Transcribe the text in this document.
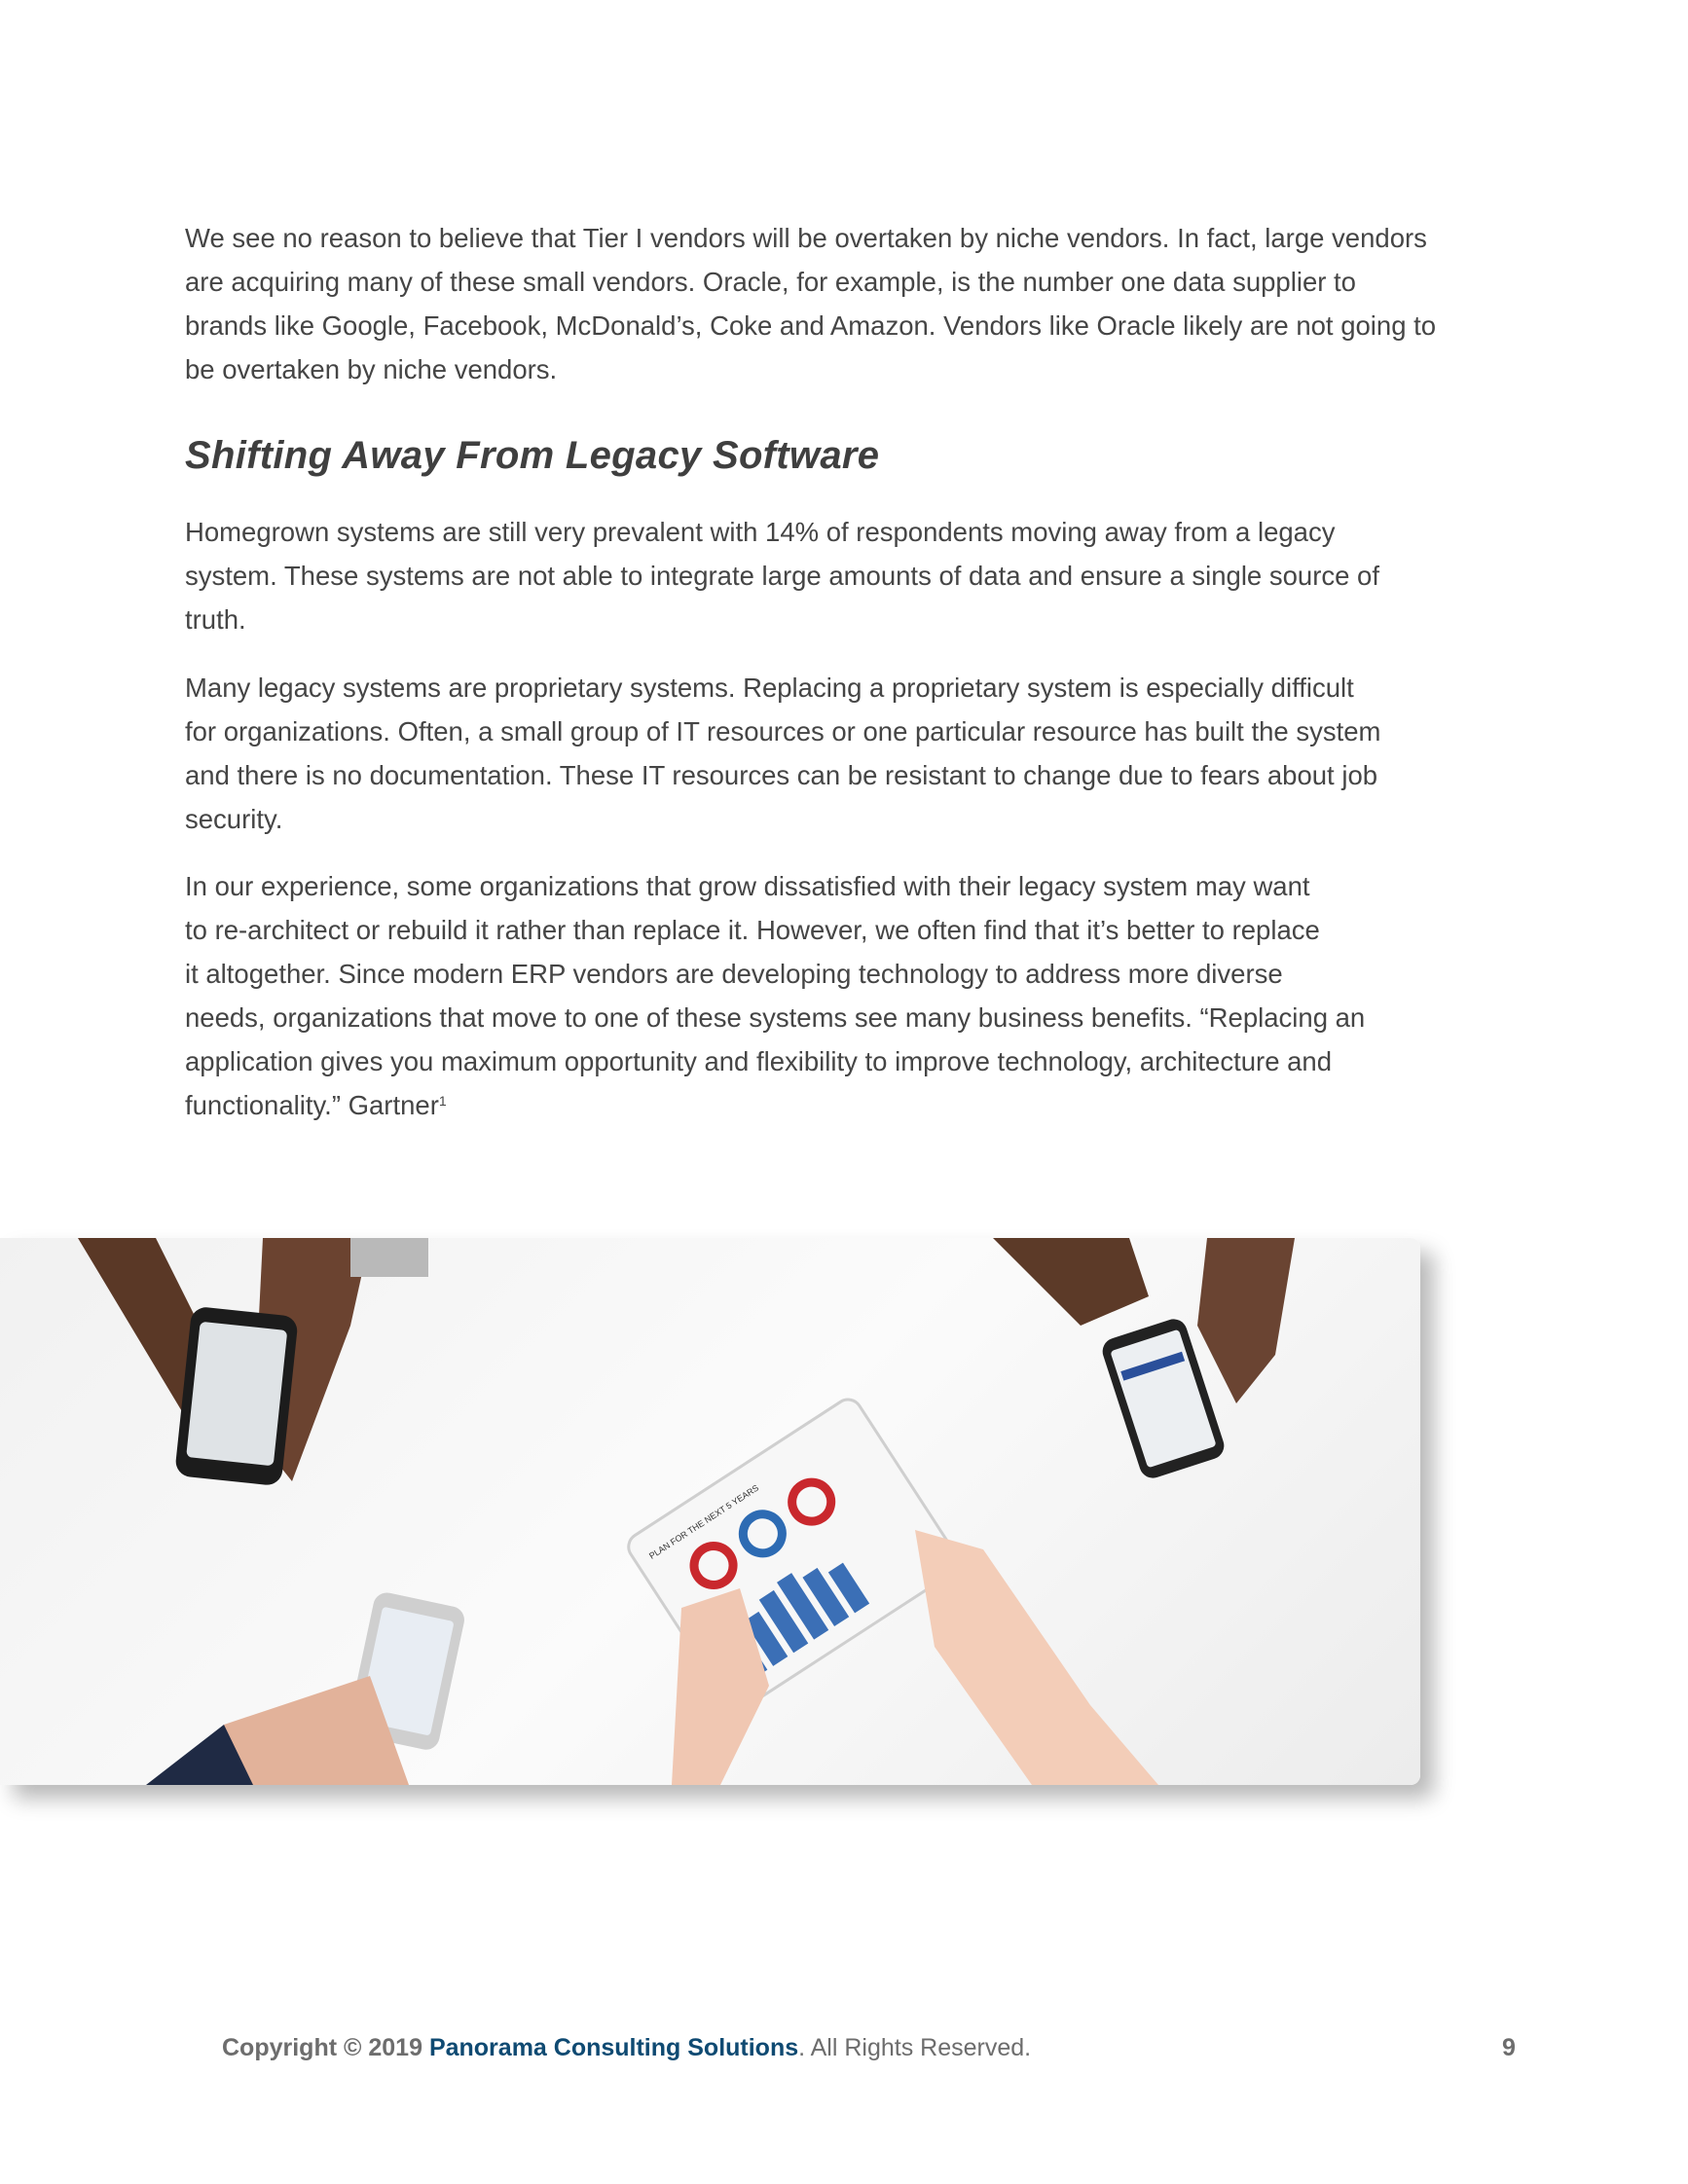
We see no reason to believe that Tier I vendors will be overtaken by niche vendors. In fact, large vendors
are acquiring many of these small vendors. Oracle, for example, is the number one data supplier to
brands like Google, Facebook, McDonald’s, Coke and Amazon. Vendors like Oracle likely are not going to
be overtaken by niche vendors.
Shifting Away From Legacy Software
Homegrown systems are still very prevalent with 14% of respondents moving away from a legacy
system. These systems are not able to integrate large amounts of data and ensure a single source of
truth.
Many legacy systems are proprietary systems. Replacing a proprietary system is especially difficult
for organizations. Often, a small group of IT resources or one particular resource has built the system
and there is no documentation. These IT resources can be resistant to change due to fears about job
security.
In our experience, some organizations that grow dissatisfied with their legacy system may want
to re-architect or rebuild it rather than replace it. However, we often find that it’s better to replace
it altogether. Since modern ERP vendors are developing technology to address more diverse
needs, organizations that move to one of these systems see many business benefits. “Replacing an
application gives you maximum opportunity and flexibility to improve technology, architecture and
functionality.” Gartner$^1$
PLAN FOR THE NEXT 5 YEARS
Copyright © 2019 Panorama Consulting Solutions. All Rights Reserved.	9
